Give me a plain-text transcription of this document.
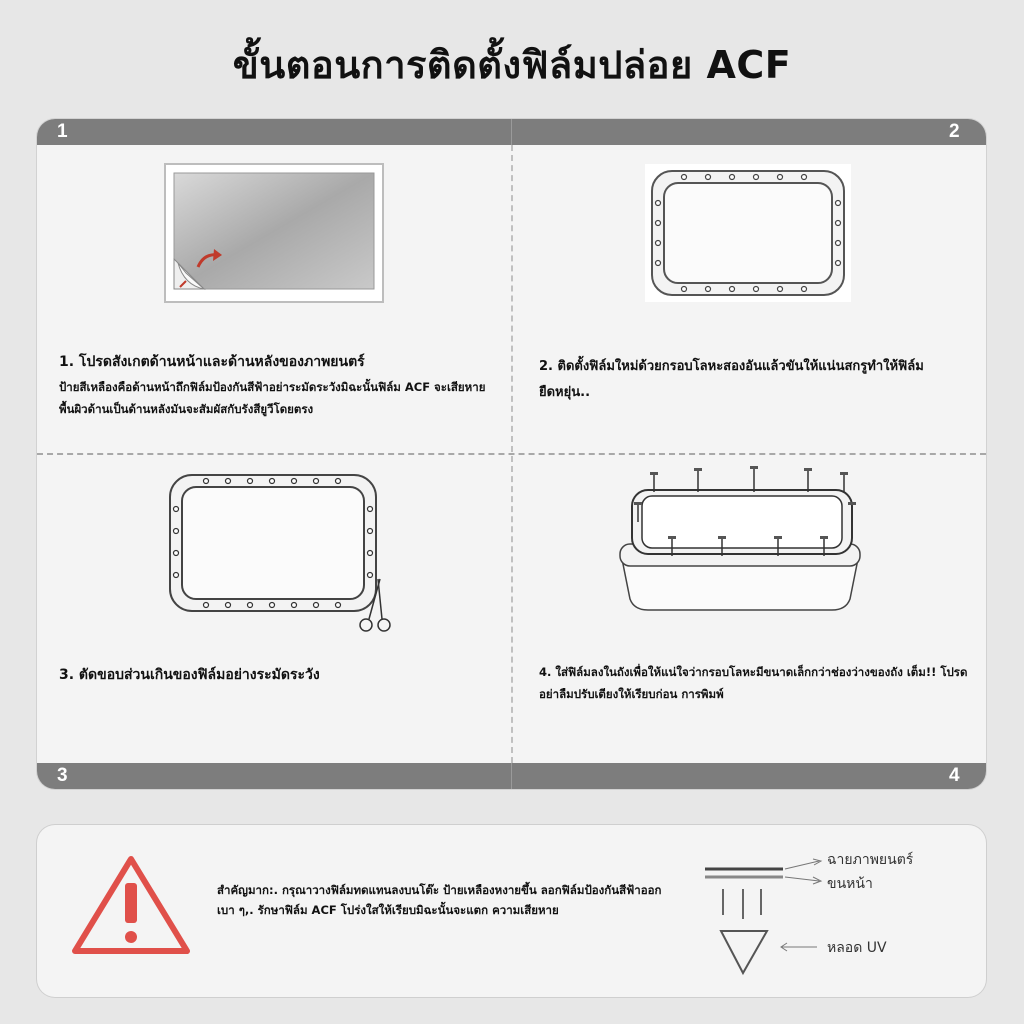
ขั้นตอนการติดตั้งฟิล์มปล่อย ACF
1	2
1. โปรดสังเกตด้านหน้าและด้านหลังของภาพยนตร์
ป้ายสีเหลืองคือด้านหน้าถึกฟิล์มป้องกันสีฟ้าอย่าระมัดระวังมิฉะนั้นฟิล์ม ACF จะเสียหาย พื้นผิวด้านเป็นด้านหลังมันจะสัมผัสกับรังสียูวีโดยตรง
2. ติดตั้งฟิล์มใหม่ด้วยกรอบโลหะสองอันแล้วขันให้แน่นสกรูทำให้ฟิล์มยืดหยุ่น..
3. ตัดขอบส่วนเกินของฟิล์มอย่างระมัดระวัง	4. ใส่ฟิล์มลงในถังเพื่อให้แน่ใจว่ากรอบโลหะมีขนาดเล็กกว่าช่องว่างของถัง เต็ม!! โปรดอย่าลืมปรับเตียงให้เรียบก่อน การพิมพ์
3	4
สำคัญมาก:. กรุณาวางฟิล์มทดแทนลงบนโต๊ะ ป้ายเหลืองหงายขึ้น ลอกฟิล์มป้องกันสีฟ้าออกเบา ๆ,. รักษาฟิล์ม ACF โปร่งใสให้เรียบมิฉะนั้นจะแตก ความเสียหาย
ฉายภาพยนตร์
ขนหน้า
หลอด UV
